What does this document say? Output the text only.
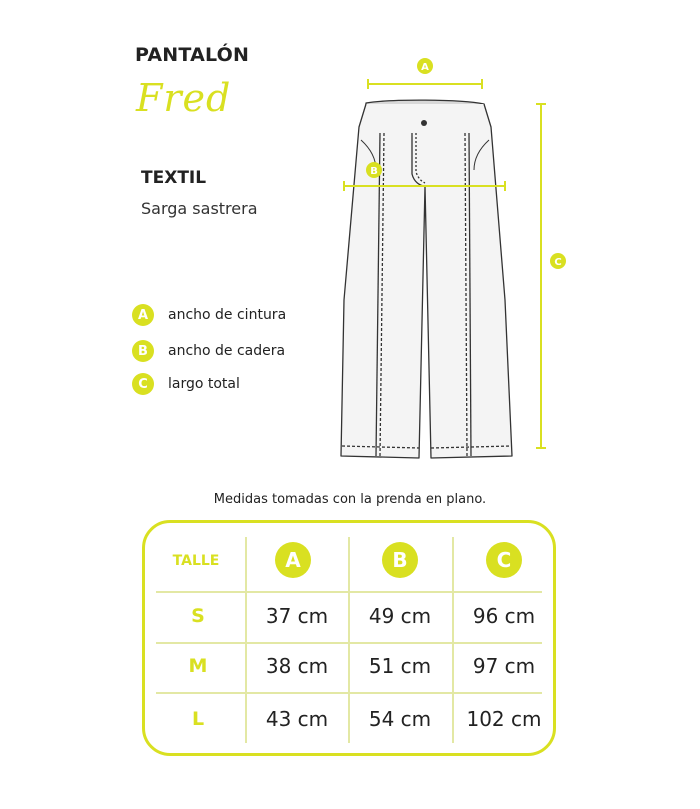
PANTALÓN
Fred
TEXTIL
Sarga sastrera
A	ancho de cintura
B	ancho de cadera
C	largo total
A
B
C
Medidas tomadas con la prenda en plano.
TALLE	A	B	C
S	37 cm	49 cm	96 cm
M	38 cm	51 cm	97 cm
L	43 cm	54 cm	102 cm
